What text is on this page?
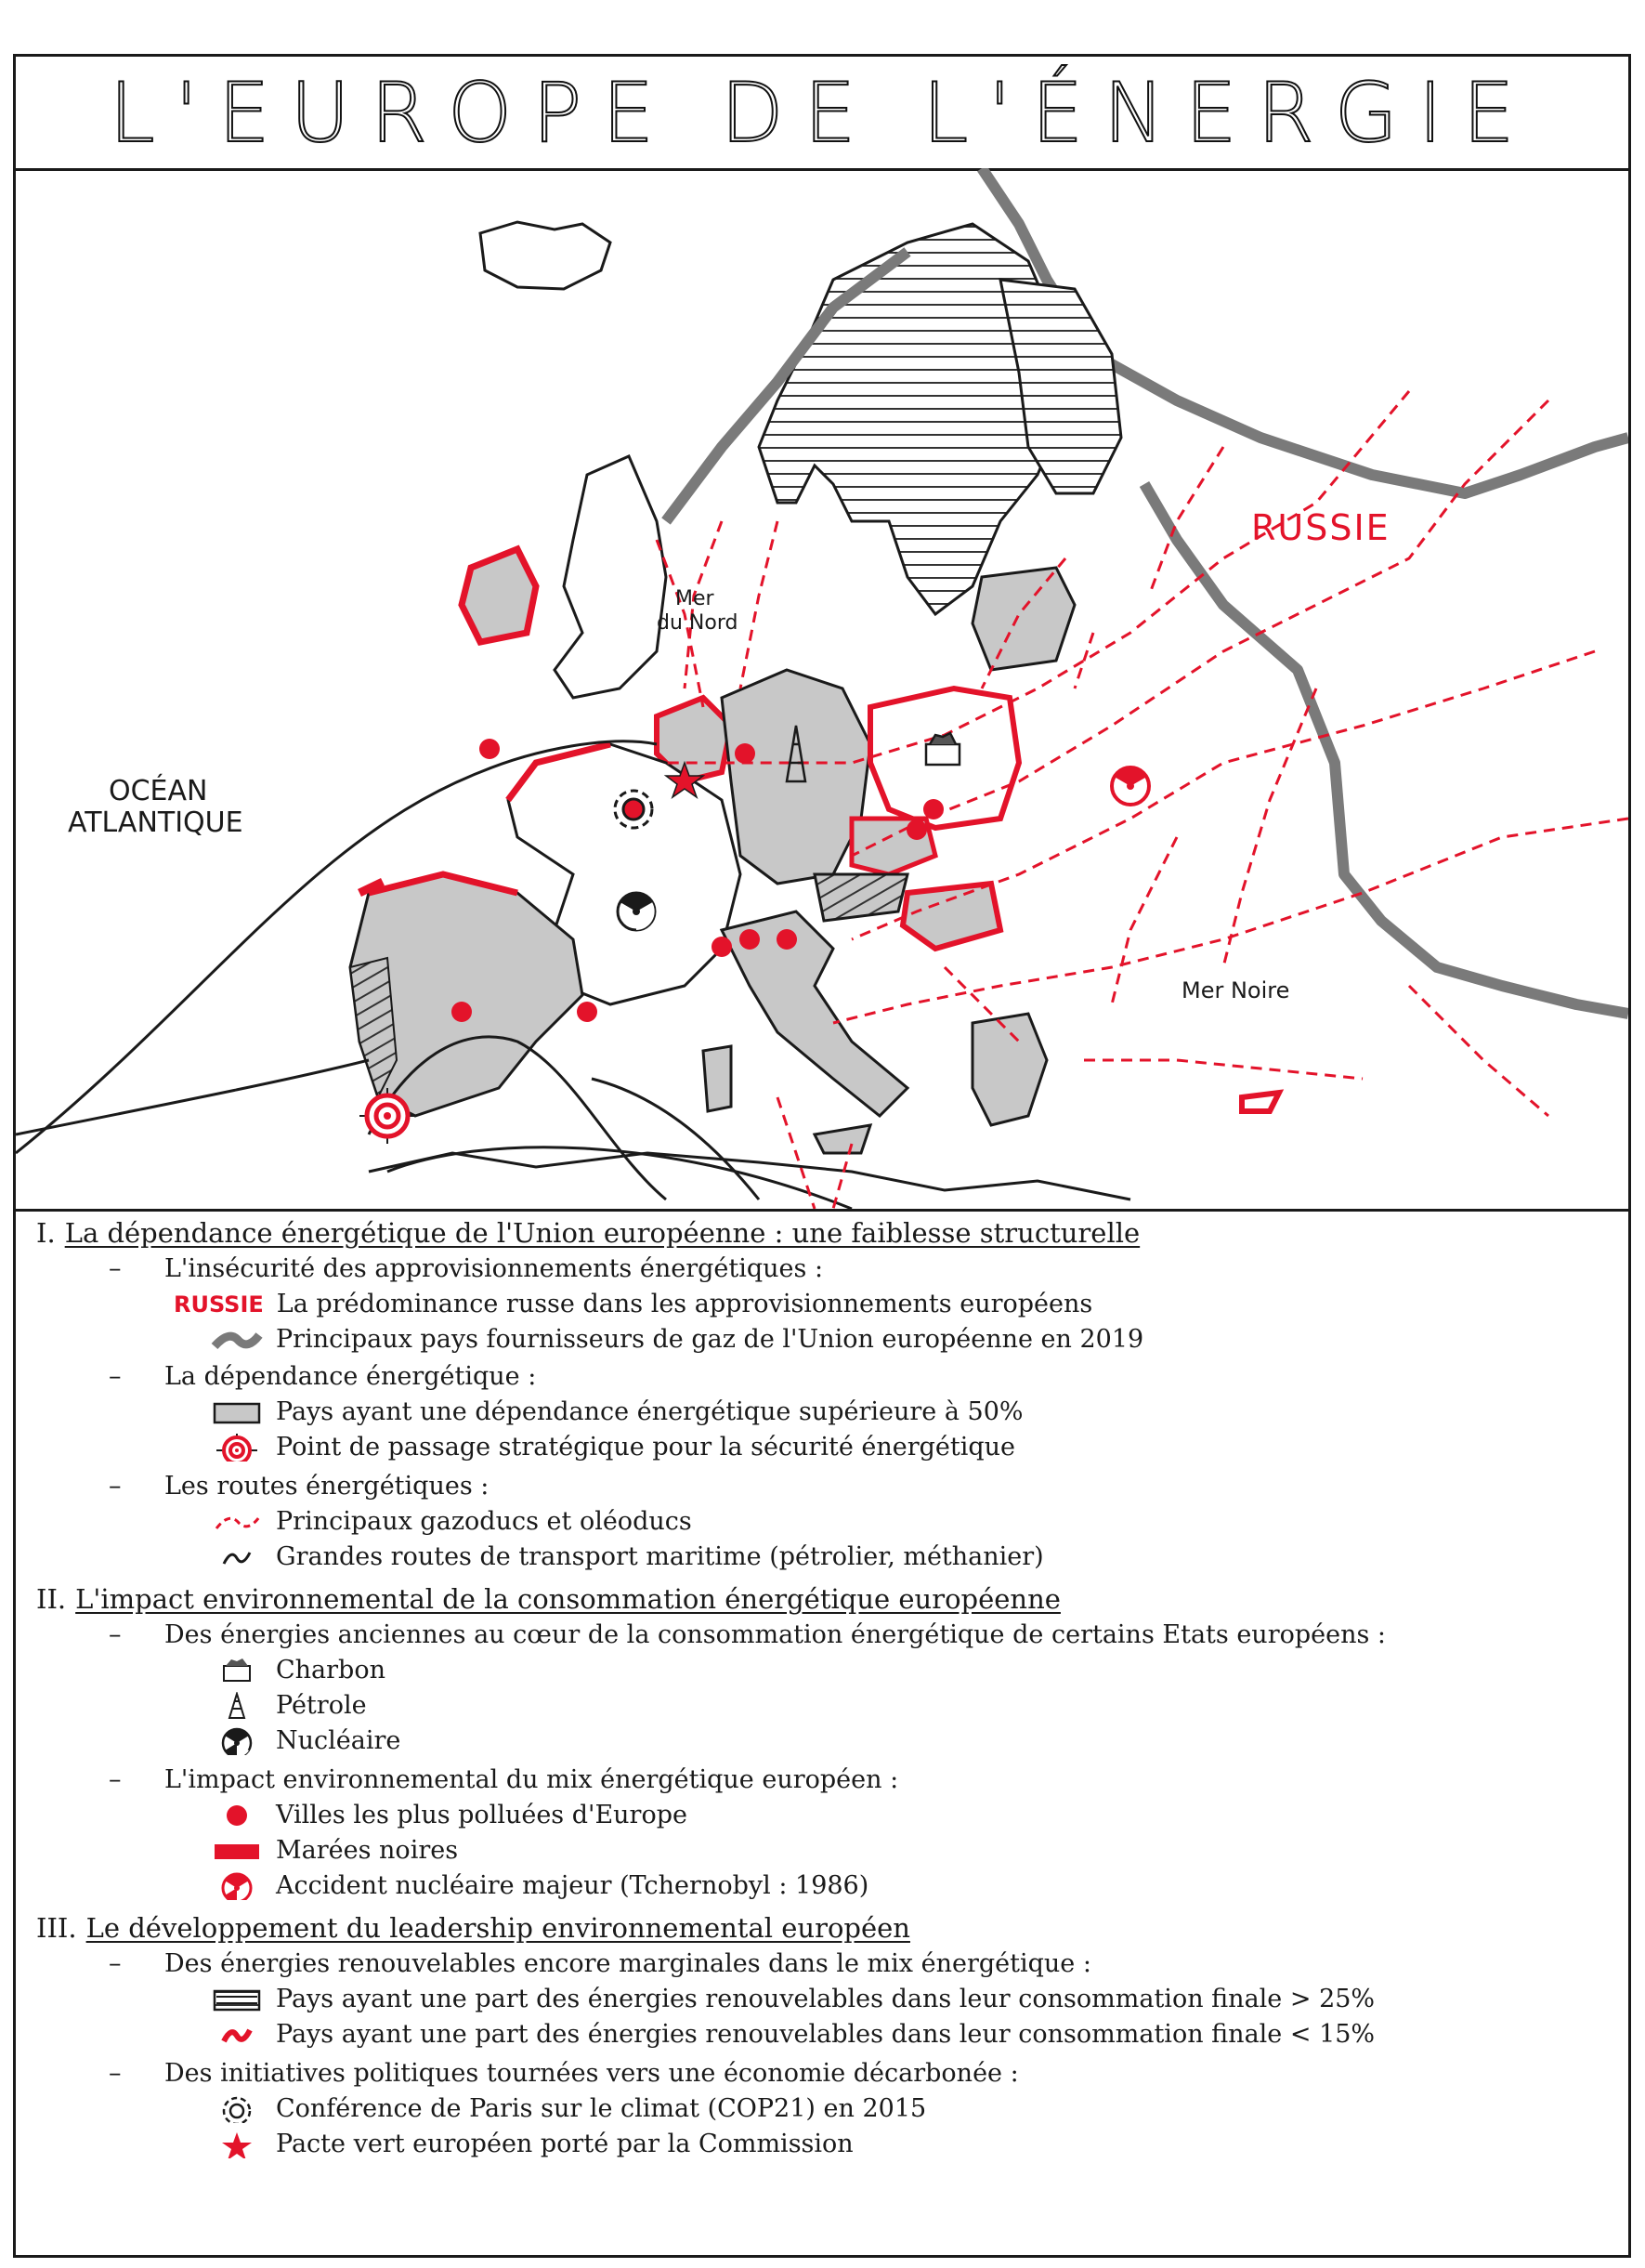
L'EUROPE DE L'ÉNERGIE
RUSSIE
Mer
du Nord
OCÉAN
ATLANTIQUE
Mer Noire
I. La dépendance énergétique de l'Union européenne : une faiblesse structurelle
– L'insécurité des approvisionnements énergétiques :
RUSSIE La prédominance russe dans les approvisionnements européens
Principaux pays fournisseurs de gaz de l'Union européenne en 2019
– La dépendance énergétique :
Pays ayant une dépendance énergétique supérieure à 50%
Point de passage stratégique pour la sécurité énergétique
– Les routes énergétiques :
Principaux gazoducs et oléoducs
Grandes routes de transport maritime (pétrolier, méthanier)
II. L'impact environnemental de la consommation énergétique européenne
– Des énergies anciennes au cœur de la consommation énergétique de certains Etats européens :
Charbon
Pétrole
Nucléaire
– L'impact environnemental du mix énergétique européen :
Villes les plus polluées d'Europe
Marées noires
Accident nucléaire majeur (Tchernobyl : 1986)
III. Le développement du leadership environnemental européen
– Des énergies renouvelables encore marginales dans le mix énergétique :
Pays ayant une part des énergies renouvelables dans leur consommation finale > 25%
Pays ayant une part des énergies renouvelables dans leur consommation finale < 15%
– Des initiatives politiques tournées vers une économie décarbonée :
Conférence de Paris sur le climat (COP21) en 2015
Pacte vert européen porté par la Commission
